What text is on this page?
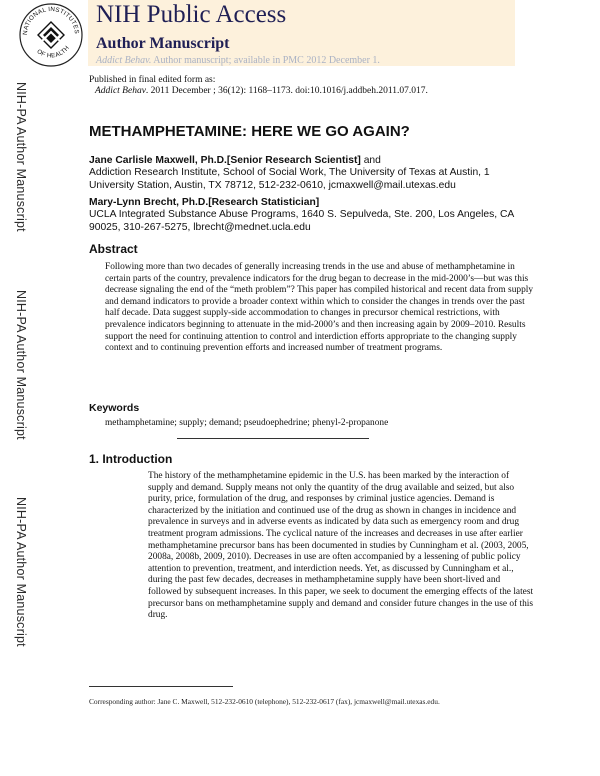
NATIONAL INSTITUTES
OF HEALTH
NIH Public Access
Author Manuscript
Addict Behav. Author manuscript; available in PMC 2012 December 1.
NIH-PA Author Manuscript
NIH-PA Author Manuscript
NIH-PA Author Manuscript
Published in final edited form as:
Addict Behav. 2011 December ; 36(12): 1168–1173. doi:10.1016/j.addbeh.2011.07.017.
METHAMPHETAMINE: HERE WE GO AGAIN?
Jane Carlisle Maxwell, Ph.D.[Senior Research Scientist] and
Addiction Research Institute, School of Social Work, The University of Texas at Austin, 1 University Station, Austin, TX 78712, 512-232-0610, jcmaxwell@mail.utexas.edu
Mary-Lynn Brecht, Ph.D.[Research Statistician]
UCLA Integrated Substance Abuse Programs, 1640 S. Sepulveda, Ste. 200, Los Angeles, CA 90025, 310-267-5275, lbrecht@mednet.ucla.edu
Abstract
Following more than two decades of generally increasing trends in the use and abuse of methamphetamine in certain parts of the country, prevalence indicators for the drug began to decrease in the mid-2000’s—but was this decrease signaling the end of the “meth problem”? This paper has compiled historical and recent data from supply and demand indicators to provide a broader context within which to consider the changes in trends over the past half decade. Data suggest supply-side accommodation to changes in precursor chemical restrictions, with prevalence indicators beginning to attenuate in the mid-2000’s and then increasing again by 2009–2010. Results support the need for continuing attention to control and interdiction efforts appropriate to the changing supply context and to continuing prevention efforts and increased number of treatment programs.
Keywords
methamphetamine; supply; demand; pseudoephedrine; phenyl-2-propanone
1. Introduction
The history of the methamphetamine epidemic in the U.S. has been marked by the interaction of supply and demand. Supply means not only the quantity of the drug available and seized, but also purity, price, formulation of the drug, and responses by criminal justice agencies. Demand is characterized by the initiation and continued use of the drug as shown in changes in incidence and prevalence in surveys and in adverse events as indicated by data such as emergency room and drug treatment program admissions. The cyclical nature of the increases and decreases in use after earlier methamphetamine precursor bans has been documented in studies by Cunningham et al. (2003, 2005, 2008a, 2008b, 2009, 2010). Decreases in use are often accompanied by a lessening of public policy attention to prevention, treatment, and interdiction needs. Yet, as discussed by Cunningham et al., during the past few decades, decreases in methamphetamine supply have been short-lived and followed by subsequent increases. In this paper, we seek to document the emerging effects of the latest precursor bans on methamphetamine supply and demand and consider future changes in the use of this drug.
Corresponding author: Jane C. Maxwell, 512-232-0610 (telephone), 512-232-0617 (fax), jcmaxwell@mail.utexas.edu.
